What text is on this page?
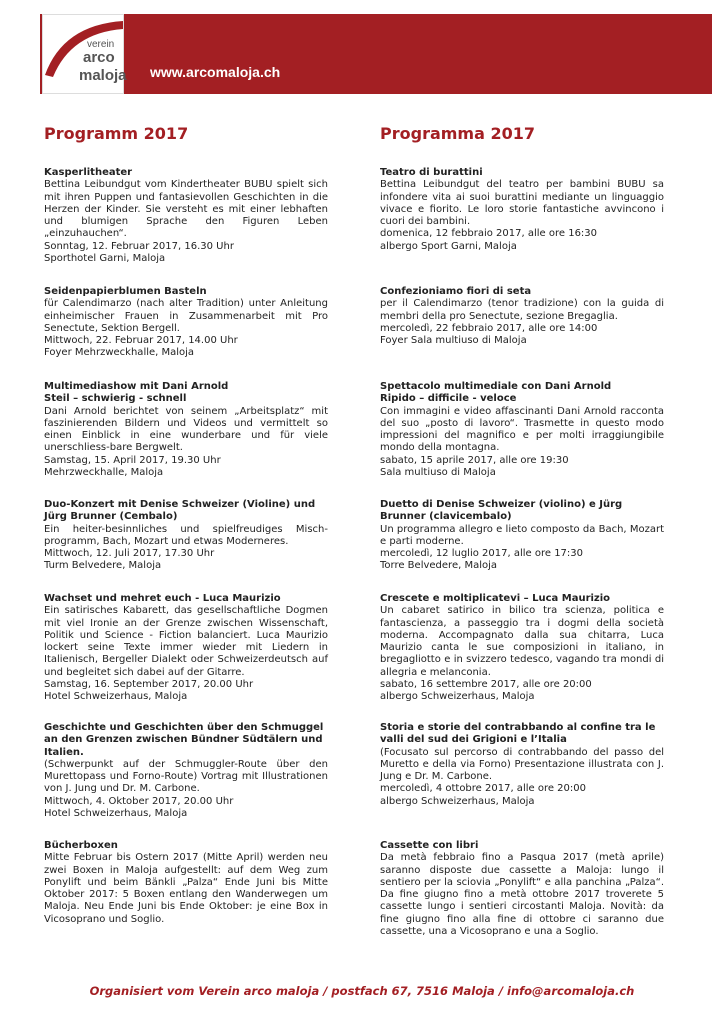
verein
arco
maloja www.arcomaloja.ch
Programm 2017
Kasperlitheater
Bettina Leibundgut vom Kindertheater BUBU spielt sich mit ihren Puppen und fantasievollen Geschichten in die Herzen der Kinder. Sie versteht es mit einer lebhaften und blumigen Sprache den Figuren Leben „einzuhauchen“.
Sonntag, 12. Februar 2017, 16.30 Uhr
Sporthotel Garni, Maloja
Seidenpapierblumen Basteln
für Calendimarzo (nach alter Tradition) unter Anleitung einheimischer Frauen in Zusammenarbeit mit Pro Senectute, Sektion Bergell.
Mittwoch, 22. Februar 2017, 14.00 Uhr
Foyer Mehrzweckhalle, Maloja
Multimediashow mit Dani Arnold
Steil – schwierig - schnell
Dani Arnold berichtet von seinem „Arbeitsplatz“ mit faszinierenden Bildern und Videos und vermittelt so einen Einblick in eine wunderbare und für viele unerschliess-bare Bergwelt.
Samstag, 15. April 2017, 19.30 Uhr
Mehrzweckhalle, Maloja
Duo-Konzert mit Denise Schweizer (Violine) und Jürg Brunner (Cembalo)
Ein heiter-besinnliches und spielfreudiges Misch-programm, Bach, Mozart und etwas Moderneres.
Mittwoch, 12. Juli 2017, 17.30 Uhr
Turm Belvedere, Maloja
Wachset und mehret euch - Luca Maurizio
Ein satirisches Kabarett, das gesellschaftliche Dogmen mit viel Ironie an der Grenze zwischen Wissenschaft, Politik und Science - Fiction balanciert. Luca Maurizio lockert seine Texte immer wieder mit Liedern in Italienisch, Bergeller Dialekt oder Schweizerdeutsch auf und begleitet sich dabei auf der Gitarre.
Samstag, 16. September 2017, 20.00 Uhr
Hotel Schweizerhaus, Maloja
Geschichte und Geschichten über den Schmuggel an den Grenzen zwischen Bündner Südtälern und Italien.
(Schwerpunkt auf der Schmuggler-Route über den Murettopass und Forno-Route) Vortrag mit Illustrationen von J. Jung und Dr. M. Carbone.
Mittwoch, 4. Oktober 2017, 20.00 Uhr
Hotel Schweizerhaus, Maloja
Bücherboxen
Mitte Februar bis Ostern 2017 (Mitte April) werden neu zwei Boxen in Maloja aufgestellt: auf dem Weg zum Ponylift und beim Bänkli „Palza“ Ende Juni bis Mitte Oktober 2017: 5 Boxen entlang den Wanderwegen um Maloja. Neu Ende Juni bis Ende Oktober: je eine Box in Vicosoprano und Soglio.
Programma 2017
Teatro di burattini
Bettina Leibundgut del teatro per bambini BUBU sa infondere vita ai suoi burattini mediante un linguaggio vivace e fiorito. Le loro storie fantastiche avvincono i cuori dei bambini.
domenica, 12 febbraio 2017, alle ore 16:30
albergo Sport Garni, Maloja
Confezioniamo fiori di seta
per il Calendimarzo (tenor tradizione) con la guida di membri della pro Senectute, sezione Bregaglia.
mercoledì, 22 febbraio 2017, alle ore 14:00
Foyer Sala multiuso di Maloja
Spettacolo multimediale con Dani Arnold
Ripido – difficile - veloce
Con immagini e video affascinanti Dani Arnold racconta del suo „posto di lavoro“. Trasmette in questo modo impressioni del magnifico e per molti irraggiungibile mondo della montagna.
sabato, 15 aprile 2017, alle ore 19:30
Sala multiuso di Maloja
Duetto di Denise Schweizer (violino) e Jürg Brunner (clavicembalo)
Un programma allegro e lieto composto da Bach, Mozart e parti moderne.
mercoledì, 12 luglio 2017, alle ore 17:30
Torre Belvedere, Maloja
Crescete e moltiplicatevi – Luca Maurizio
Un cabaret satirico in bilico tra scienza, politica e fantascienza, a passeggio tra i dogmi della società moderna. Accompagnato dalla sua chitarra, Luca Maurizio canta le sue composizioni in italiano, in bregagliotto e in svizzero tedesco, vagando tra mondi di allegria e melanconia.
sabato, 16 settembre 2017, alle ore 20:00
albergo Schweizerhaus, Maloja
Storia e storie del contrabbando al confine tra le valli del sud dei Grigioni e l’Italia
(Focusato sul percorso di contrabbando del passo del Muretto e della via Forno) Presentazione illustrata con J. Jung e Dr. M. Carbone.
mercoledì, 4 ottobre 2017, alle ore 20:00
albergo Schweizerhaus, Maloja
Cassette con libri
Da metà febbraio fino a Pasqua 2017 (metà aprile) saranno disposte due cassette a Maloja: lungo il sentiero per la sciovia „Ponylift“ e alla panchina „Palza“. Da fine giugno fino a metà ottobre 2017 troverete 5 cassette lungo i sentieri circostanti Maloja. Novità: da fine giugno fino alla fine di ottobre ci saranno due cassette, una a Vicosoprano e una a Soglio.
Organisiert vom Verein arco maloja / postfach 67, 7516 Maloja / info@arcomaloja.ch
